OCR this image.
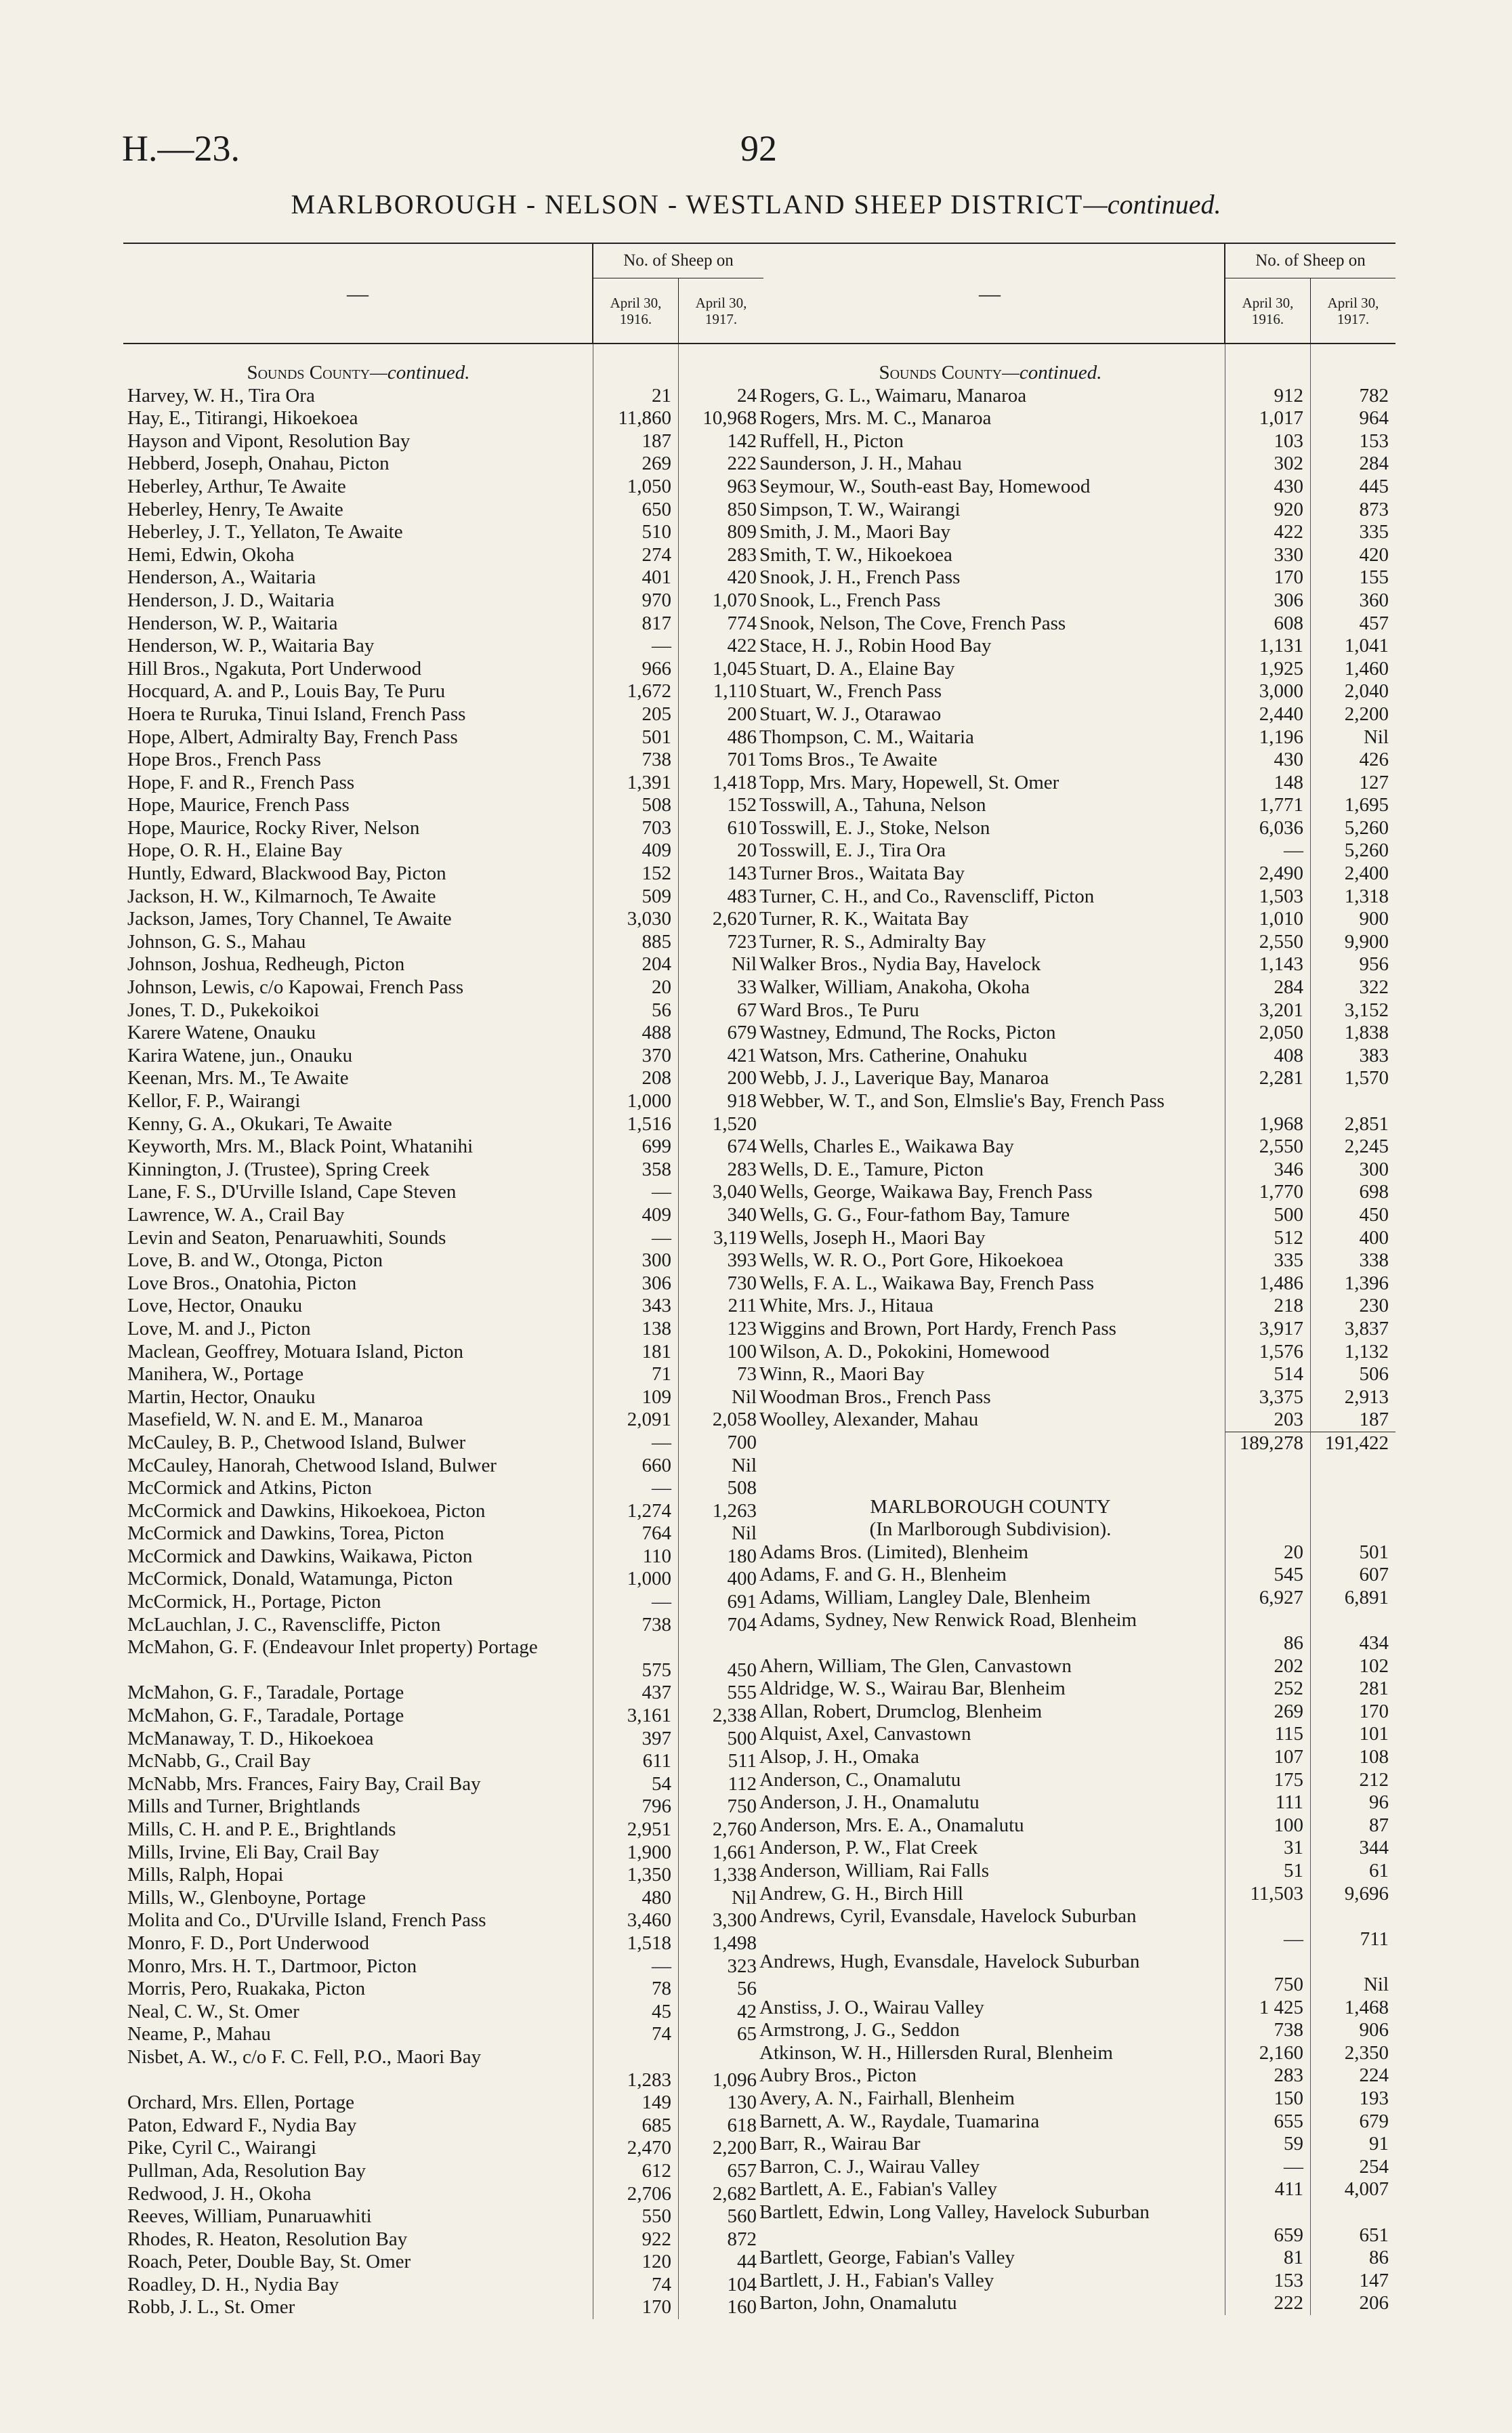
H.—23.	92
MARLBOROUGH - NELSON - WESTLAND SHEEP DISTRICT—continued.
—
No. of Sheep on
April 30, 1916.
April 30, 1917.
Sounds County—continued.
Harvey, W. H., Tira Ora	21	24
Hay, E., Titirangi, Hikoekoea	11,860	10,968
Hayson and Vipont, Resolution Bay	187	142
Hebberd, Joseph, Onahau, Picton	269	222
Heberley, Arthur, Te Awaite	1,050	963
Heberley, Henry, Te Awaite	650	850
Heberley, J. T., Yellaton, Te Awaite	510	809
Hemi, Edwin, Okoha	274	283
Henderson, A., Waitaria	401	420
Henderson, J. D., Waitaria	970	1,070
Henderson, W. P., Waitaria	817	774
Henderson, W. P., Waitaria Bay	—	422
Hill Bros., Ngakuta, Port Underwood	966	1,045
Hocquard, A. and P., Louis Bay, Te Puru	1,672	1,110
Hoera te Ruruka, Tinui Island, French Pass	205	200
Hope, Albert, Admiralty Bay, French Pass	501	486
Hope Bros., French Pass	738	701
Hope, F. and R., French Pass	1,391	1,418
Hope, Maurice, French Pass	508	152
Hope, Maurice, Rocky River, Nelson	703	610
Hope, O. R. H., Elaine Bay	409	20
Huntly, Edward, Blackwood Bay, Picton	152	143
Jackson, H. W., Kilmarnoch, Te Awaite	509	483
Jackson, James, Tory Channel, Te Awaite	3,030	2,620
Johnson, G. S., Mahau	885	723
Johnson, Joshua, Redheugh, Picton	204	Nil
Johnson, Lewis, c/o Kapowai, French Pass	20	33
Jones, T. D., Pukekoikoi	56	67
Karere Watene, Onauku	488	679
Karira Watene, jun., Onauku	370	421
Keenan, Mrs. M., Te Awaite	208	200
Kellor, F. P., Wairangi	1,000	918
Kenny, G. A., Okukari, Te Awaite	1,516	1,520
Keyworth, Mrs. M., Black Point, Whatanihi	699	674
Kinnington, J. (Trustee), Spring Creek	358	283
Lane, F. S., D'Urville Island, Cape Steven	—	3,040
Lawrence, W. A., Crail Bay	409	340
Levin and Seaton, Penaruawhiti, Sounds	—	3,119
Love, B. and W., Otonga, Picton	300	393
Love Bros., Onatohia, Picton	306	730
Love, Hector, Onauku	343	211
Love, M. and J., Picton	138	123
Maclean, Geoffrey, Motuara Island, Picton	181	100
Manihera, W., Portage	71	73
Martin, Hector, Onauku	109	Nil
Masefield, W. N. and E. M., Manaroa	2,091	2,058
McCauley, B. P., Chetwood Island, Bulwer	—	700
McCauley, Hanorah, Chetwood Island, Bulwer	660	Nil
McCormick and Atkins, Picton	—	508
McCormick and Dawkins, Hikoekoea, Picton	1,274	1,263
McCormick and Dawkins, Torea, Picton	764	Nil
McCormick and Dawkins, Waikawa, Picton	110	180
McCormick, Donald, Watamunga, Picton	1,000	400
McCormick, H., Portage, Picton	—	691
McLauchlan, J. C., Ravenscliffe, Picton	738	704
McMahon, G. F. (Endeavour Inlet property) Portage
575	450
McMahon, G. F., Taradale, Portage	437	555
McMahon, G. F., Taradale, Portage	3,161	2,338
McManaway, T. D., Hikoekoea	397	500
McNabb, G., Crail Bay	611	511
McNabb, Mrs. Frances, Fairy Bay, Crail Bay	54	112
Mills and Turner, Brightlands	796	750
Mills, C. H. and P. E., Brightlands	2,951	2,760
Mills, Irvine, Eli Bay, Crail Bay	1,900	1,661
Mills, Ralph, Hopai	1,350	1,338
Mills, W., Glenboyne, Portage	480	Nil
Molita and Co., D'Urville Island, French Pass	3,460	3,300
Monro, F. D., Port Underwood	1,518	1,498
Monro, Mrs. H. T., Dartmoor, Picton	—	323
Morris, Pero, Ruakaka, Picton	78	56
Neal, C. W., St. Omer	45	42
Neame, P., Mahau	74	65
Nisbet, A. W., c/o F. C. Fell, P.O., Maori Bay
1,283	1,096
Orchard, Mrs. Ellen, Portage	149	130
Paton, Edward F., Nydia Bay	685	618
Pike, Cyril C., Wairangi	2,470	2,200
Pullman, Ada, Resolution Bay	612	657
Redwood, J. H., Okoha	2,706	2,682
Reeves, William, Punaruawhiti	550	560
Rhodes, R. Heaton, Resolution Bay	922	872
Roach, Peter, Double Bay, St. Omer	120	44
Roadley, D. H., Nydia Bay	74	104
Robb, J. L., St. Omer	170	160
—
No. of Sheep on
April 30, 1916.
April 30, 1917.
Sounds County—continued.
Rogers, G. L., Waimaru, Manaroa	912	782
Rogers, Mrs. M. C., Manaroa	1,017	964
Ruffell, H., Picton	103	153
Saunderson, J. H., Mahau	302	284
Seymour, W., South-east Bay, Homewood	430	445
Simpson, T. W., Wairangi	920	873
Smith, J. M., Maori Bay	422	335
Smith, T. W., Hikoekoea	330	420
Snook, J. H., French Pass	170	155
Snook, L., French Pass	306	360
Snook, Nelson, The Cove, French Pass	608	457
Stace, H. J., Robin Hood Bay	1,131	1,041
Stuart, D. A., Elaine Bay	1,925	1,460
Stuart, W., French Pass	3,000	2,040
Stuart, W. J., Otarawao	2,440	2,200
Thompson, C. M., Waitaria	1,196	Nil
Toms Bros., Te Awaite	430	426
Topp, Mrs. Mary, Hopewell, St. Omer	148	127
Tosswill, A., Tahuna, Nelson	1,771	1,695
Tosswill, E. J., Stoke, Nelson	6,036	5,260
Tosswill, E. J., Tira Ora	—	5,260
Turner Bros., Waitata Bay	2,490	2,400
Turner, C. H., and Co., Ravenscliff, Picton	1,503	1,318
Turner, R. K., Waitata Bay	1,010	900
Turner, R. S., Admiralty Bay	2,550	9,900
Walker Bros., Nydia Bay, Havelock	1,143	956
Walker, William, Anakoha, Okoha	284	322
Ward Bros., Te Puru	3,201	3,152
Wastney, Edmund, The Rocks, Picton	2,050	1,838
Watson, Mrs. Catherine, Onahuku	408	383
Webb, J. J., Laverique Bay, Manaroa	2,281	1,570
Webber, W. T., and Son, Elmslie's Bay, French Pass
1,968	2,851
Wells, Charles E., Waikawa Bay	2,550	2,245
Wells, D. E., Tamure, Picton	346	300
Wells, George, Waikawa Bay, French Pass	1,770	698
Wells, G. G., Four-fathom Bay, Tamure	500	450
Wells, Joseph H., Maori Bay	512	400
Wells, W. R. O., Port Gore, Hikoekoea	335	338
Wells, F. A. L., Waikawa Bay, French Pass	1,486	1,396
White, Mrs. J., Hitaua	218	230
Wiggins and Brown, Port Hardy, French Pass	3,917	3,837
Wilson, A. D., Pokokini, Homewood	1,576	1,132
Winn, R., Maori Bay	514	506
Woodman Bros., French Pass	3,375	2,913
Woolley, Alexander, Mahau	203	187
189,278	191,422
MARLBOROUGH COUNTY
(In Marlborough Subdivision).
Adams Bros. (Limited), Blenheim	20	501
Adams, F. and G. H., Blenheim	545	607
Adams, William, Langley Dale, Blenheim	6,927	6,891
Adams, Sydney, New Renwick Road, Blenheim
86	434
Ahern, William, The Glen, Canvastown	202	102
Aldridge, W. S., Wairau Bar, Blenheim	252	281
Allan, Robert, Drumclog, Blenheim	269	170
Alquist, Axel, Canvastown	115	101
Alsop, J. H., Omaka	107	108
Anderson, C., Onamalutu	175	212
Anderson, J. H., Onamalutu	111	96
Anderson, Mrs. E. A., Onamalutu	100	87
Anderson, P. W., Flat Creek	31	344
Anderson, William, Rai Falls	51	61
Andrew, G. H., Birch Hill	11,503	9,696
Andrews, Cyril, Evansdale, Havelock Suburban
—	711
Andrews, Hugh, Evansdale, Havelock Suburban
750	Nil
Anstiss, J. O., Wairau Valley	1 425	1,468
Armstrong, J. G., Seddon	738	906
Atkinson, W. H., Hillersden Rural, Blenheim	2,160	2,350
Aubry Bros., Picton	283	224
Avery, A. N., Fairhall, Blenheim	150	193
Barnett, A. W., Raydale, Tuamarina	655	679
Barr, R., Wairau Bar	59	91
Barron, C. J., Wairau Valley	—	254
Bartlett, A. E., Fabian's Valley	411	4,007
Bartlett, Edwin, Long Valley, Havelock Suburban
659	651
Bartlett, George, Fabian's Valley	81	86
Bartlett, J. H., Fabian's Valley	153	147
Barton, John, Onamalutu	222	206
